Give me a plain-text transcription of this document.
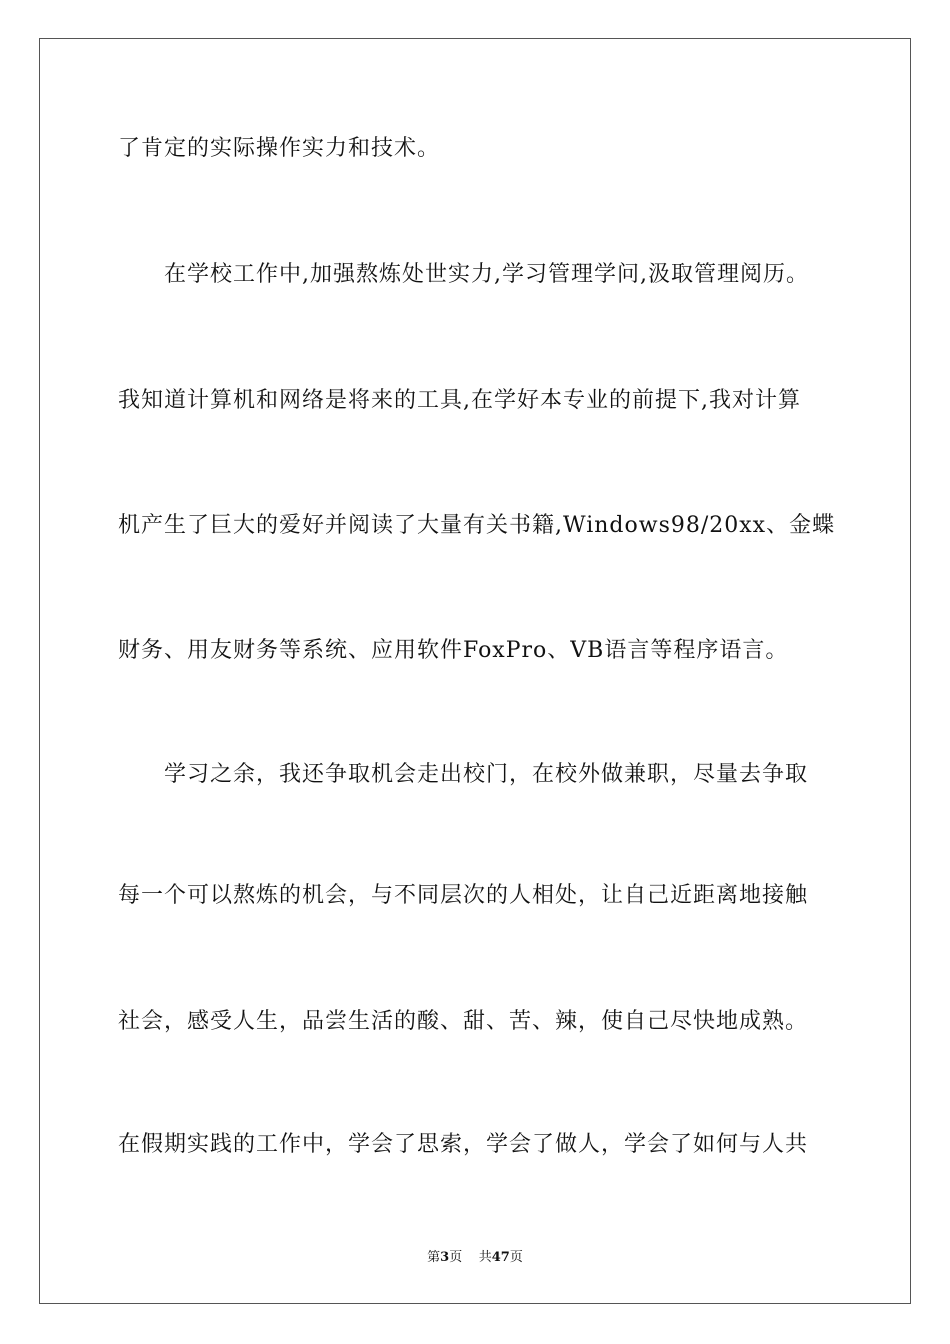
了肯定的实际操作实力和技术。
在学校工作中,加强熬炼处世实力,学习管理学问,汲取管理阅历。
我知道计算机和网络是将来的工具,在学好本专业的前提下,我对计算
机产生了巨大的爱好并阅读了大量有关书籍,Windows98/20xx、金蝶
财务、用友财务等系统、应用软件FoxPro、VB语言等程序语言。
学习之余，我还争取机会走出校门，在校外做兼职，尽量去争取
每一个可以熬炼的机会，与不同层次的人相处，让自己近距离地接触
社会，感受人生，品尝生活的酸、甜、苦、辣，使自己尽快地成熟。
在假期实践的工作中，学会了思索，学会了做人，学会了如何与人共
第3页 共47页
